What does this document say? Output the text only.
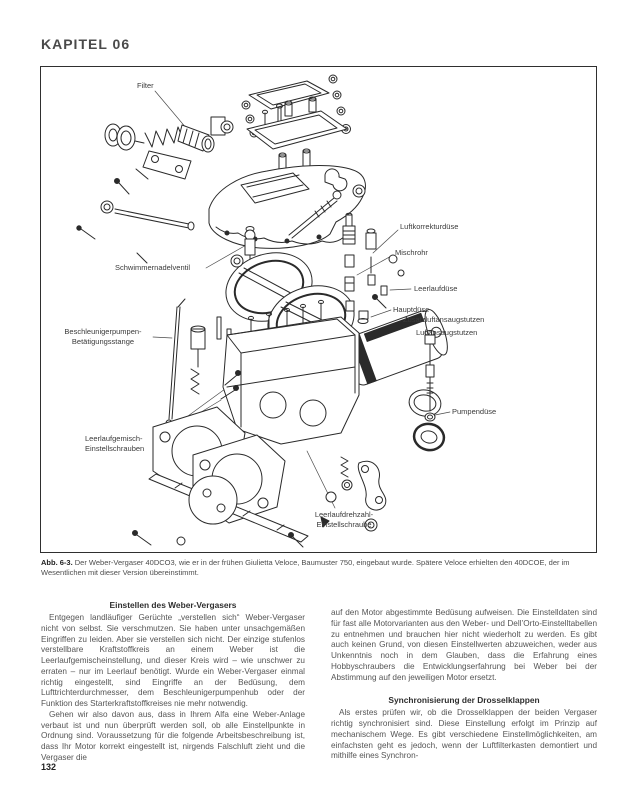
KAPITEL 06
Filter
Schwimmernadelventil
Luftkorrekturdüse
Mischrohr
Leerlaufdüse
Hauptdüse
Zusatzluftansaugstutzen
Luftansaugstutzen
Beschleunigerpumpen-
Betätigungsstange
Pumpendüse
Leerlaufgemisch-
Einstellschrauben
Leerlaufdrehzahl-
Einstellschraube
Abb. 6-3. Der Weber-Vergaser 40DCO3, wie er in der frühen Giulietta Veloce, Baumuster 750, eingebaut wurde. Spätere Veloce erhielten den 40DCOE, der im Wesentlichen mit dieser Version übereinstimmt.
Einstellen des Weber-Vergasers

Entgegen landläufiger Gerüchte „verstellen sich“ Weber-Vergaser nicht von selbst. Sie verschmutzen. Sie haben unter unsachgemäßen Eingriffen zu leiden. Aber sie verstellen sich nicht. Der einzige stufenlos verstellbare Kraftstoffkreis an einem Weber ist die Leerlaufgemischeinstellung, und dieser Kreis wird – wie unschwer zu erraten – nur im Leerlauf benötigt. Wurde ein Weber-Vergaser einmal richtig eingestellt, sind Eingriffe an der Bedüsung, dem Lufttrichterdurchmesser, dem Beschleunigerpumpenhub oder der Funktion des Starterkraftstoffkreises nie mehr notwendig.

Gehen wir also davon aus, dass in Ihrem Alfa eine Weber-Anlage verbaut ist und nun überprüft werden soll, ob alle Einstellpunkte in Ordnung sind. Voraussetzung für die folgende Arbeitsbeschreibung ist, dass Ihr Motor korrekt eingestellt ist, nirgends Falschluft zieht und die Vergaser die

auf den Motor abgestimmte Bedüsung aufweisen. Die Einstelldaten sind für fast alle Motorvarianten aus den Weber- und Dell’Orto-Einstelltabellen zu entnehmen und brauchen hier nicht wiederholt zu werden. Es gibt auch keinen Grund, von diesen Einstellwerten abzuweichen, weder aus Unkenntnis noch in dem Glauben, dass die Erfahrung eines Hobbyschraubers die Entwicklungserfahrung bei Weber bei der Abstimmung auf den jeweiligen Motor ersetzt.

Synchronisierung der Drosselklappen

Als erstes prüfen wir, ob die Drosselklappen der beiden Vergaser richtig synchronisiert sind. Diese Einstellung erfolgt im Prinzip auf mechanischem Wege. Es gibt verschiedene Einstellmöglichkeiten, am einfachsten geht es jedoch, wenn der Luftfilterkasten demontiert und mithilfe eines Synchron-

132
